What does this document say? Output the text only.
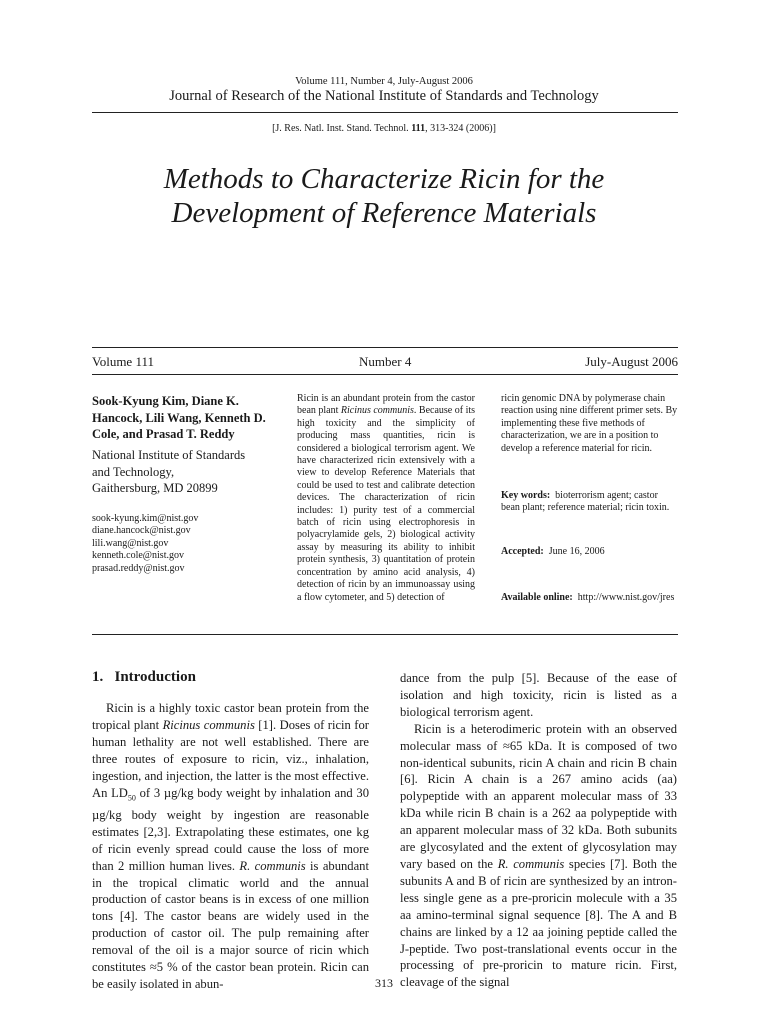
Volume 111, Number 4, July-August 2006
Journal of Research of the National Institute of Standards and Technology
[J. Res. Natl. Inst. Stand. Technol. 111, 313-324 (2006)]
Methods to Characterize Ricin for the
Development of Reference Materials
Volume 111	Number 4	July-August 2006
Sook-Kyung Kim, Diane K. Hancock, Lili Wang, Kenneth D. Cole, and Prasad T. Reddy
National Institute of Standards
and Technology,
Gaithersburg, MD 20899
sook-kyung.kim@nist.gov
diane.hancock@nist.gov
lili.wang@nist.gov
kenneth.cole@nist.gov
prasad.reddy@nist.gov
Ricin is an abundant protein from the castor bean plant Ricinus communis. Because of its high toxicity and the simplicity of producing mass quantities, ricin is considered a biological terrorism agent. We have characterized ricin extensively with a view to develop Reference Materials that could be used to test and calibrate detection devices. The characterization of ricin includes: 1) purity test of a commercial batch of ricin using electrophoresis in polyacrylamide gels, 2) biological activity assay by measuring its ability to inhibit protein synthesis, 3) quantitation of protein concentration by amino acid analysis, 4) detection of ricin by an immunoassay using a flow cytometer, and 5) detection of
ricin genomic DNA by polymerase chain reaction using nine different primer sets. By implementing these five methods of characterization, we are in a position to develop a reference material for ricin.
Key words: bioterrorism agent; castor bean plant; reference material; ricin toxin.
Accepted: June 16, 2006
Available online: http://www.nist.gov/jres
1.   Introduction

Ricin is a highly toxic castor bean protein from the tropical plant Ricinus communis [1]. Doses of ricin for human lethality are not well established. There are three routes of exposure to ricin, viz., inhalation, ingestion, and injection, the latter is the most effective. An $LD_{50}$ of 3 µg/kg body weight by inhalation and 30 µg/kg body weight by ingestion are reasonable estimates [2,3]. Extrapolating these estimates, one kg of ricin evenly spread could cause the loss of more than 2 million human lives. R. communis is abundant in the tropical climatic world and the annual production of castor beans is in excess of one million tons [4]. The castor beans are widely used in the production of castor oil. The pulp remaining after removal of the oil is a major source of ricin which constitutes ≈5 % of the castor bean protein. Ricin can be easily isolated in abun-

dance from the pulp [5]. Because of the ease of isolation and high toxicity, ricin is listed as a biological terrorism agent.

Ricin is a heterodimeric protein with an observed molecular mass of ≈65 kDa. It is composed of two non-identical subunits, ricin A chain and ricin B chain [6]. Ricin A chain is a 267 amino acids (aa) polypeptide with an apparent molecular mass of 33 kDa while ricin B chain is a 262 aa polypeptide with an apparent molecular mass of 32 kDa. Both subunits are glycosylated and the extent of glycosylation may vary based on the R. communis species [7]. Both the subunits A and B of ricin are synthesized by an intron-less single gene as a pre-proricin molecule with a 35 aa amino-terminal signal sequence [8]. The A and B chains are linked by a 12 aa joining peptide called the J-peptide. Two post-translational events occur in the processing of pre-proricin to mature ricin. First, cleavage of the signal

313
